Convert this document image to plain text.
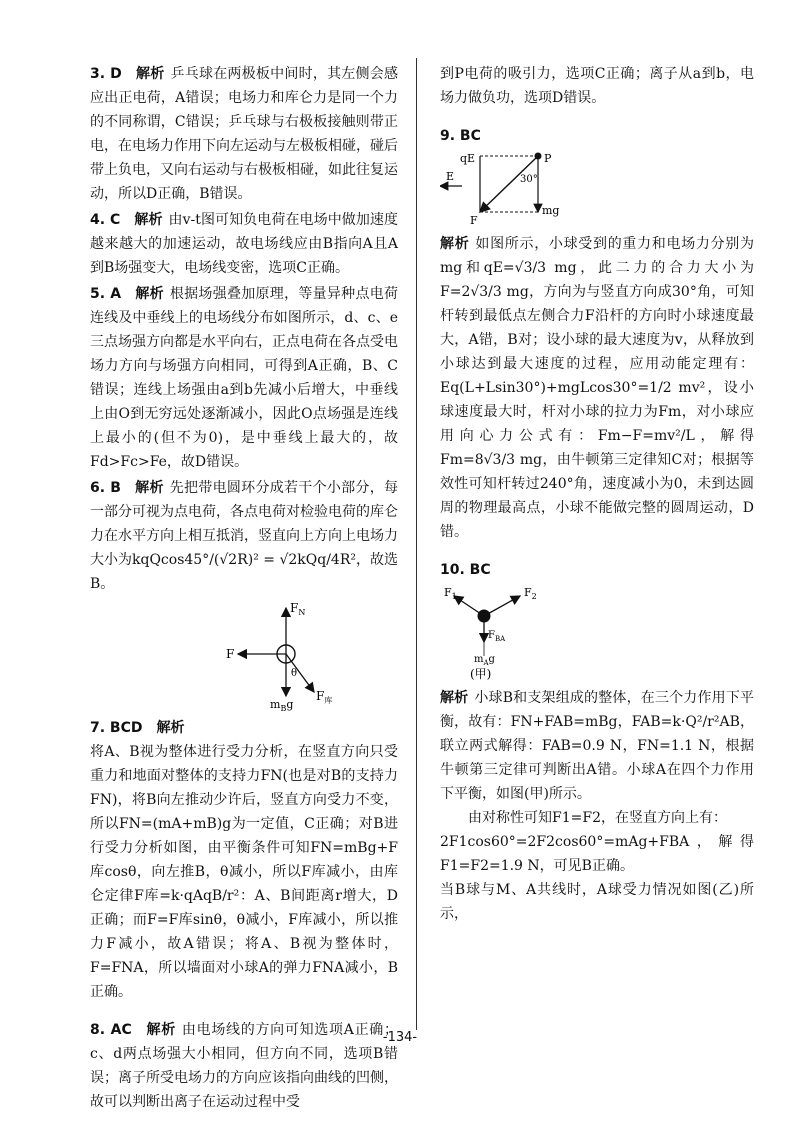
3. D 解析 乒乓球在两极板中间时，其左侧会感应出正电荷，A错误；电场力和库仑力是同一个力的不同称谓，C错误；乒乓球与右极板接触则带正电，在电场力作用下向左运动与左极板相碰，碰后带上负电，又向右运动与右极板相碰，如此往复运动，所以D正确，B错误。
4. C 解析 由v-t图可知负电荷在电场中做加速度越来越大的加速运动，故电场线应由B指向A且A到B场强变大，电场线变密，选项C正确。
5. A 解析 根据场强叠加原理，等量异种点电荷连线及中垂线上的电场线分布如图所示，d、c、e三点场强方向都是水平向右，正点电荷在各点受电场力方向与场强方向相同，可得到A正确，B、C错误；连线上场强由a到b先减小后增大，中垂线上由O到无穷远处逐渐减小，因此O点场强是连线上最小的(但不为0)，是中垂线上最大的，故Fd>Fc>Fe，故D错误。
6. B 解析 先把带电圆环分成若干个小部分，每一部分可视为点电荷，各点电荷对检验电荷的库仑力在水平方向上相互抵消，竖直向上方向上电场力大小为kqQcos45°/(√2R)² = √2kQq/4R²，故选B。
$F_N$
F
θ
$F_库$
$m_Bg$
7. BCD 解析
将A、B视为整体进行受力分析，在竖直方向只受重力和地面对整体的支持力FN(也是对B的支持力FN)，将B向左推动少许后，竖直方向受力不变，所以FN=(mA+mB)g为一定值，C正确；对B进行受力分析如图，由平衡条件可知FN=mBg+F库cosθ，向左推B，θ减小，所以F库减小，由库仑定律F库=k·qAqB/r²：A、B间距离r增大，D正确；而F=F库sinθ，θ减小，F库减小，所以推力F减小，故A错误；将A、B视为整体时，F=FNA，所以墙面对小球A的弹力FNA减小，B正确。
8. AC 解析 由电场线的方向可知选项A正确；c、d两点场强大小相同，但方向不同，选项B错误；离子所受电场力的方向应该指向曲线的凹侧，故可以判断出离子在运动过程中受
到P电荷的吸引力，选项C正确；离子从a到b，电场力做负功，选项D错误。
9. BC
qE	P
E	30°
F
mg
解析 如图所示，小球受到的重力和电场力分别为mg和qE=√3/3 mg，此二力的合力大小为F=2√3/3 mg，方向为与竖直方向成30°角，可知杆转到最低点左侧合力F沿杆的方向时小球速度最大，A错，B对；设小球的最大速度为v，从释放到小球达到最大速度的过程，应用动能定理有：Eq(L+Lsin30°)+mgLcos30°=1/2 mv²，设小球速度最大时，杆对小球的拉力为Fm，对小球应用向心力公式有：Fm−F=mv²/L，解得Fm=8√3/3 mg，由牛顿第三定律知C对；根据等效性可知杆转过240°角，速度减小为0，未到达圆周的物理最高点，小球不能做完整的圆周运动，D错。
10. BC
$F_1$	$F_2$
$F_{BA}$
$m_Ag$
(甲)
解析 小球B和支架组成的整体，在三个力作用下平衡，故有：FN+FAB=mBg，FAB=k·Q²/r²AB，联立两式解得：FAB=0.9 N，FN=1.1 N，根据牛顿第三定律可判断出A错。小球A在四个力作用下平衡，如图(甲)所示。
由对称性可知F1=F2，在竖直方向上有：
2F1cos60°=2F2cos60°=mAg+FBA，解得F1=F2=1.9 N，可见B正确。
当B球与M、A共线时，A球受力情况如图(乙)所示，
-134-
